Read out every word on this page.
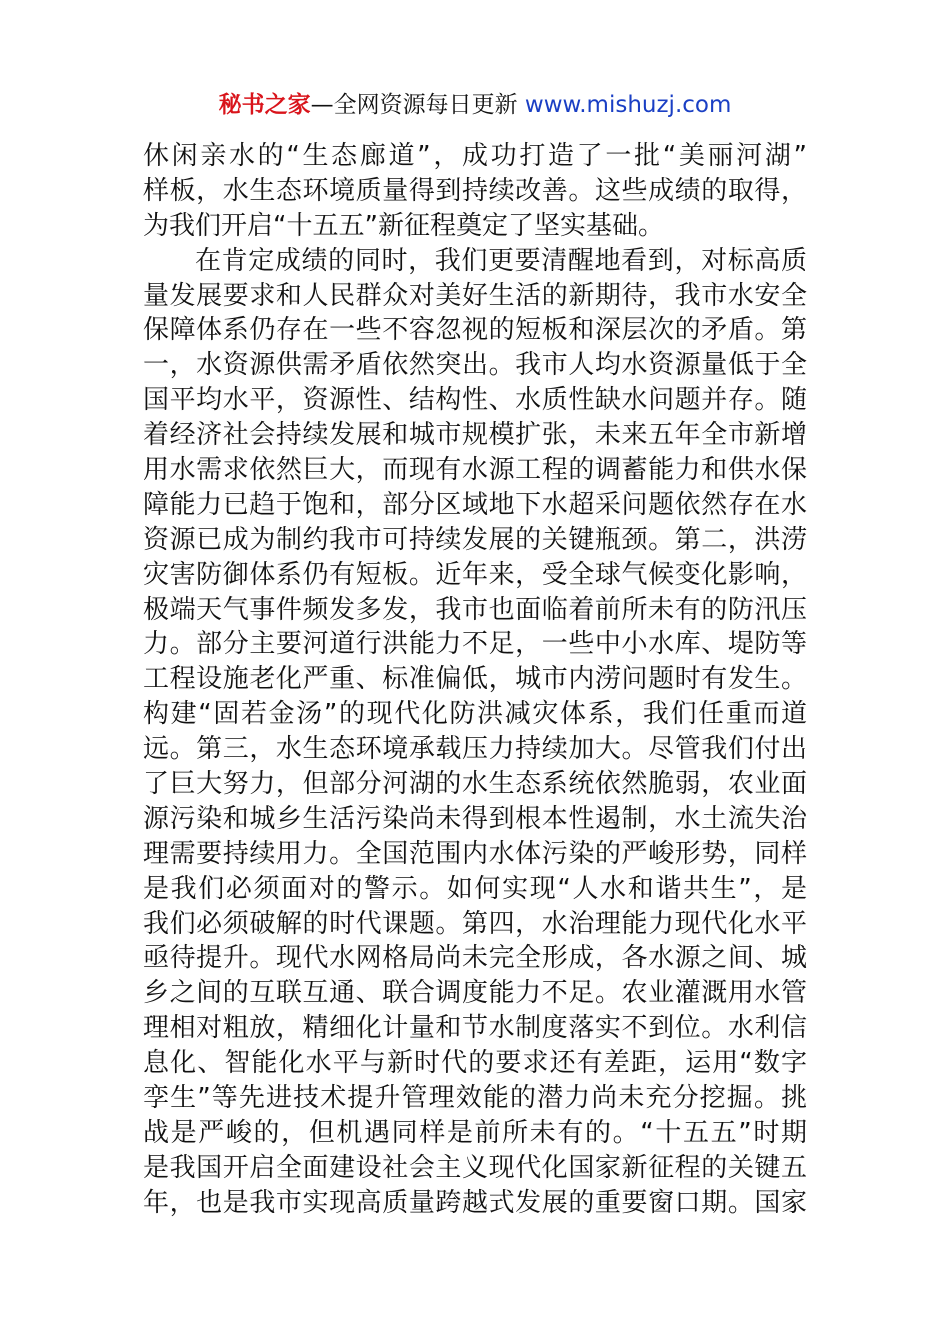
秘书之家—全网资源每日更新 www.mishuzj.com
休闲亲水的“生态廊道”，成功打造了一批“美丽河湖”
样板，水生态环境质量得到持续改善。这些成绩的取得，
为我们开启“十五五”新征程奠定了坚实基础。
在肯定成绩的同时，我们更要清醒地看到，对标高质
量发展要求和人民群众对美好生活的新期待，我市水安全
保障体系仍存在一些不容忽视的短板和深层次的矛盾。第
一，水资源供需矛盾依然突出。我市人均水资源量低于全
国平均水平，资源性、结构性、水质性缺水问题并存。随
着经济社会持续发展和城市规模扩张，未来五年全市新增
用水需求依然巨大，而现有水源工程的调蓄能力和供水保
障能力已趋于饱和，部分区域地下水超采问题依然存在水
资源已成为制约我市可持续发展的关键瓶颈。第二，洪涝
灾害防御体系仍有短板。近年来，受全球气候变化影响，
极端天气事件频发多发，我市也面临着前所未有的防汛压
力。部分主要河道行洪能力不足，一些中小水库、堤防等
工程设施老化严重、标准偏低，城市内涝问题时有发生。
构建“固若金汤”的现代化防洪减灾体系，我们任重而道
远。第三，水生态环境承载压力持续加大。尽管我们付出
了巨大努力，但部分河湖的水生态系统依然脆弱，农业面
源污染和城乡生活污染尚未得到根本性遏制，水土流失治
理需要持续用力。全国范围内水体污染的严峻形势，同样
是我们必须面对的警示。如何实现“人水和谐共生”，是
我们必须破解的时代课题。第四，水治理能力现代化水平
亟待提升。现代水网格局尚未完全形成，各水源之间、城
乡之间的互联互通、联合调度能力不足。农业灌溉用水管
理相对粗放，精细化计量和节水制度落实不到位。水利信
息化、智能化水平与新时代的要求还有差距，运用“数字
孪生”等先进技术提升管理效能的潜力尚未充分挖掘。挑
战是严峻的，但机遇同样是前所未有的。“十五五”时期
是我国开启全面建设社会主义现代化国家新征程的关键五
年，也是我市实现高质量跨越式发展的重要窗口期。国家
